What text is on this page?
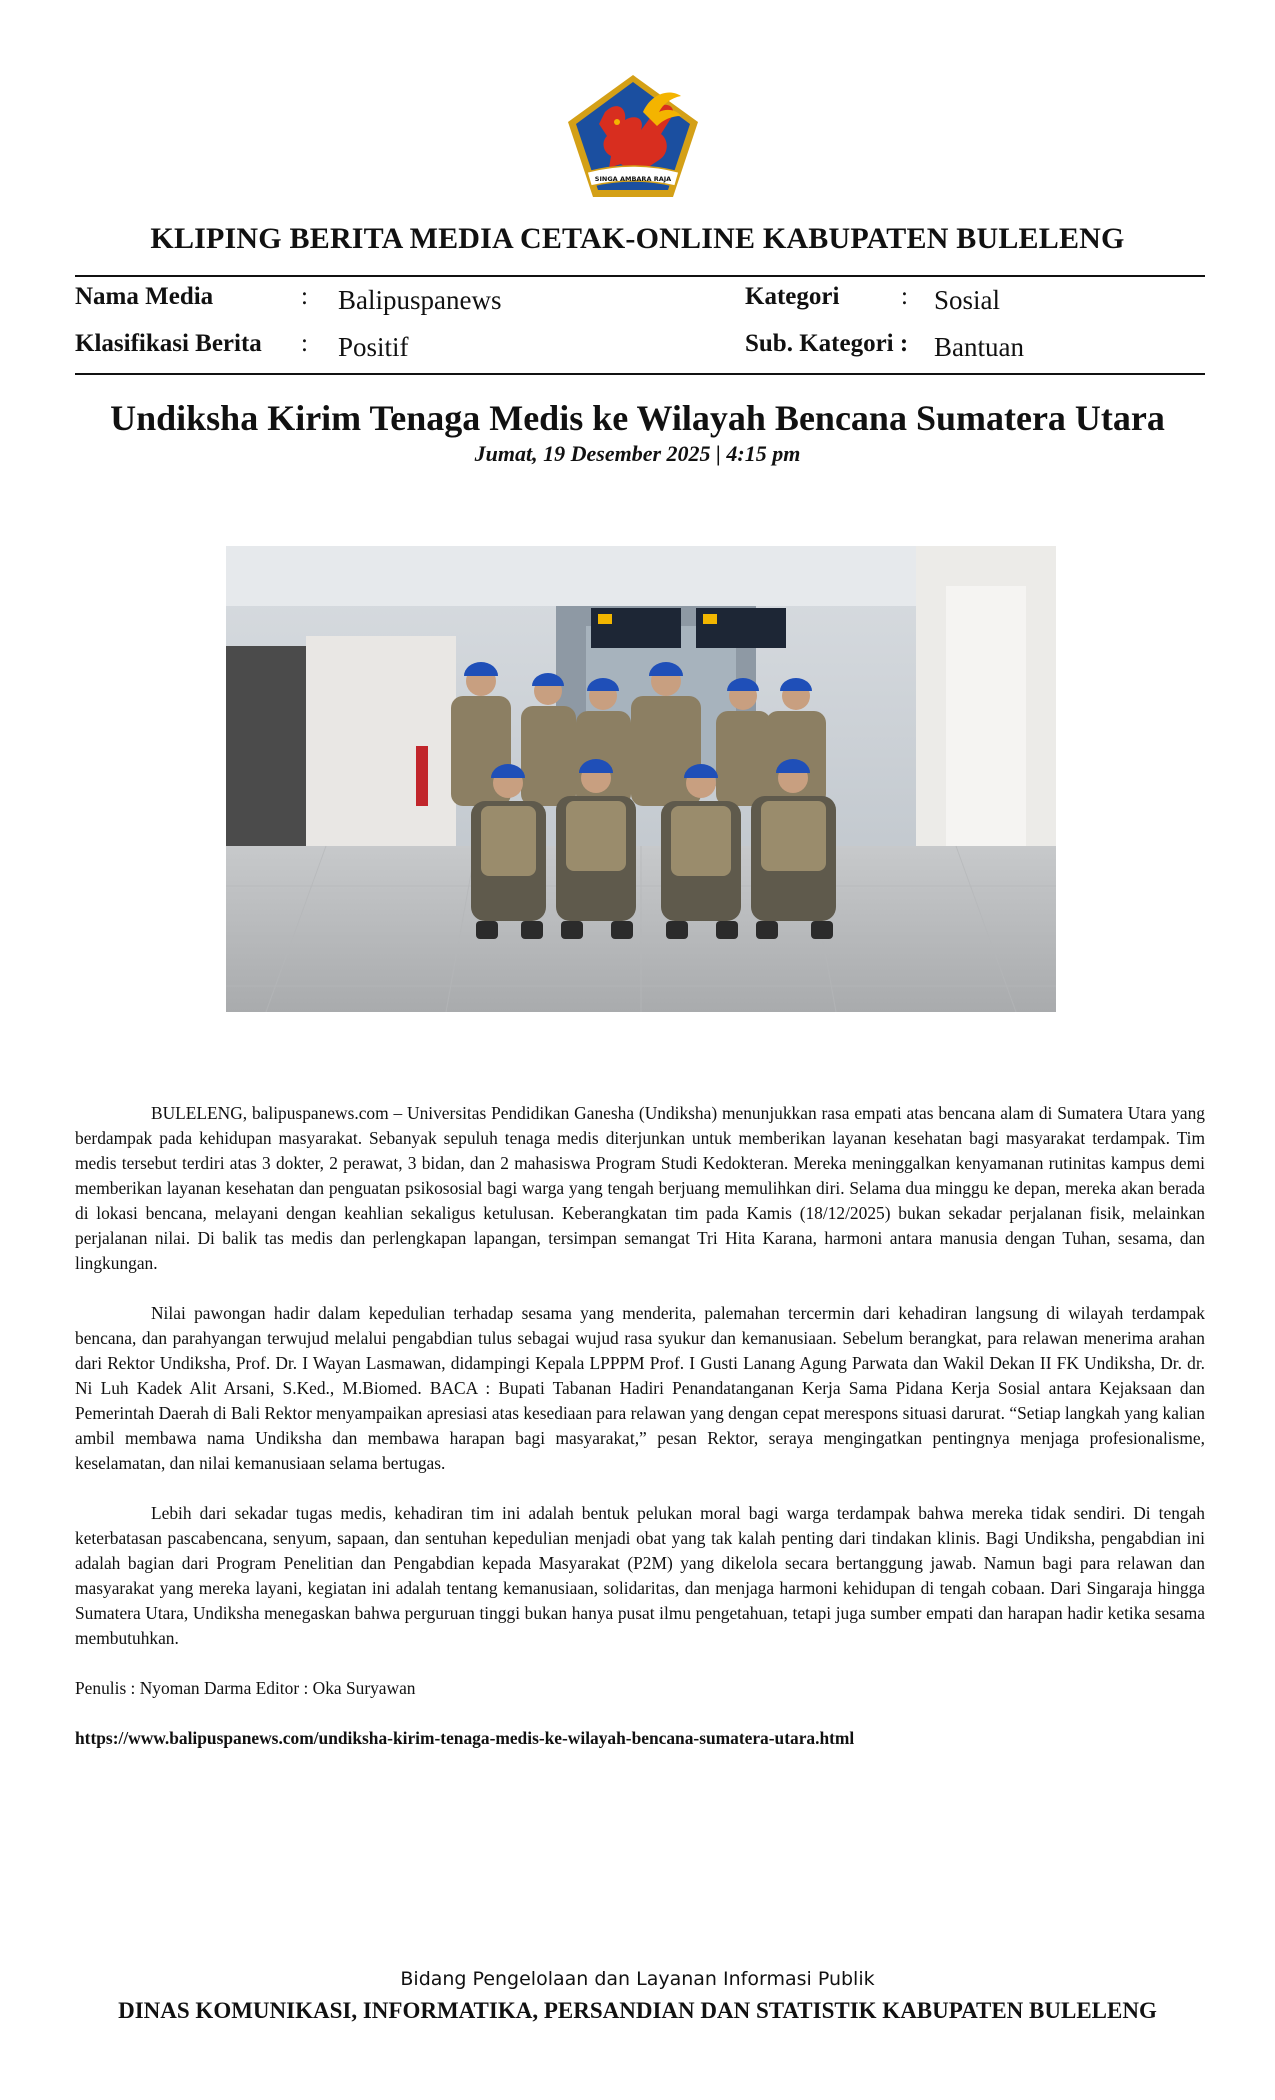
SINGA AMBARA RAJA
KLIPING BERITA MEDIA CETAK-ONLINE KABUPATEN BULELENG
Nama Media	: Balipuspanews	Kategori : Sosial
Klasifikasi Berita : Positif	Sub. Kategori : Bantuan
Undiksha Kirim Tenaga Medis ke Wilayah Bencana Sumatera Utara
Jumat, 19 Desember 2025 | 4:15 pm

BULELENG, balipuspanews.com – Universitas Pendidikan Ganesha (Undiksha) menunjukkan rasa empati atas bencana alam di Sumatera Utara yang berdampak pada kehidupan masyarakat. Sebanyak sepuluh tenaga medis diterjunkan untuk memberikan layanan kesehatan bagi masyarakat terdampak. Tim medis tersebut terdiri atas 3 dokter, 2 perawat, 3 bidan, dan 2 mahasiswa Program Studi Kedokteran. Mereka meninggalkan kenyamanan rutinitas kampus demi memberikan layanan kesehatan dan penguatan psikososial bagi warga yang tengah berjuang memulihkan diri. Selama dua minggu ke depan, mereka akan berada di lokasi bencana, melayani dengan keahlian sekaligus ketulusan. Keberangkatan tim pada Kamis (18/12/2025) bukan sekadar perjalanan fisik, melainkan perjalanan nilai. Di balik tas medis dan perlengkapan lapangan, tersimpan semangat Tri Hita Karana, harmoni antara manusia dengan Tuhan, sesama, dan lingkungan.

Nilai pawongan hadir dalam kepedulian terhadap sesama yang menderita, palemahan tercermin dari kehadiran langsung di wilayah terdampak bencana, dan parahyangan terwujud melalui pengabdian tulus sebagai wujud rasa syukur dan kemanusiaan. Sebelum berangkat, para relawan menerima arahan dari Rektor Undiksha, Prof. Dr. I Wayan Lasmawan, didampingi Kepala LPPPM Prof. I Gusti Lanang Agung Parwata dan Wakil Dekan II FK Undiksha, Dr. dr. Ni Luh Kadek Alit Arsani, S.Ked., M.Biomed. BACA : Bupati Tabanan Hadiri Penandatanganan Kerja Sama Pidana Kerja Sosial antara Kejaksaan dan Pemerintah Daerah di Bali Rektor menyampaikan apresiasi atas kesediaan para relawan yang dengan cepat merespons situasi darurat. “Setiap langkah yang kalian ambil membawa nama Undiksha dan membawa harapan bagi masyarakat,” pesan Rektor, seraya mengingatkan pentingnya menjaga profesionalisme, keselamatan, dan nilai kemanusiaan selama bertugas.

Lebih dari sekadar tugas medis, kehadiran tim ini adalah bentuk pelukan moral bagi warga terdampak bahwa mereka tidak sendiri. Di tengah keterbatasan pascabencana, senyum, sapaan, dan sentuhan kepedulian menjadi obat yang tak kalah penting dari tindakan klinis. Bagi Undiksha, pengabdian ini adalah bagian dari Program Penelitian dan Pengabdian kepada Masyarakat (P2M) yang dikelola secara bertanggung jawab. Namun bagi para relawan dan masyarakat yang mereka layani, kegiatan ini adalah tentang kemanusiaan, solidaritas, dan menjaga harmoni kehidupan di tengah cobaan. Dari Singaraja hingga Sumatera Utara, Undiksha menegaskan bahwa perguruan tinggi bukan hanya pusat ilmu pengetahuan, tetapi juga sumber empati dan harapan hadir ketika sesama membutuhkan.

Penulis : Nyoman Darma Editor : Oka Suryawan

https://www.balipuspanews.com/undiksha-kirim-tenaga-medis-ke-wilayah-bencana-sumatera-utara.html

Bidang Pengelolaan dan Layanan Informasi Publik
DINAS KOMUNIKASI, INFORMATIKA, PERSANDIAN DAN STATISTIK KABUPATEN BULELENG
